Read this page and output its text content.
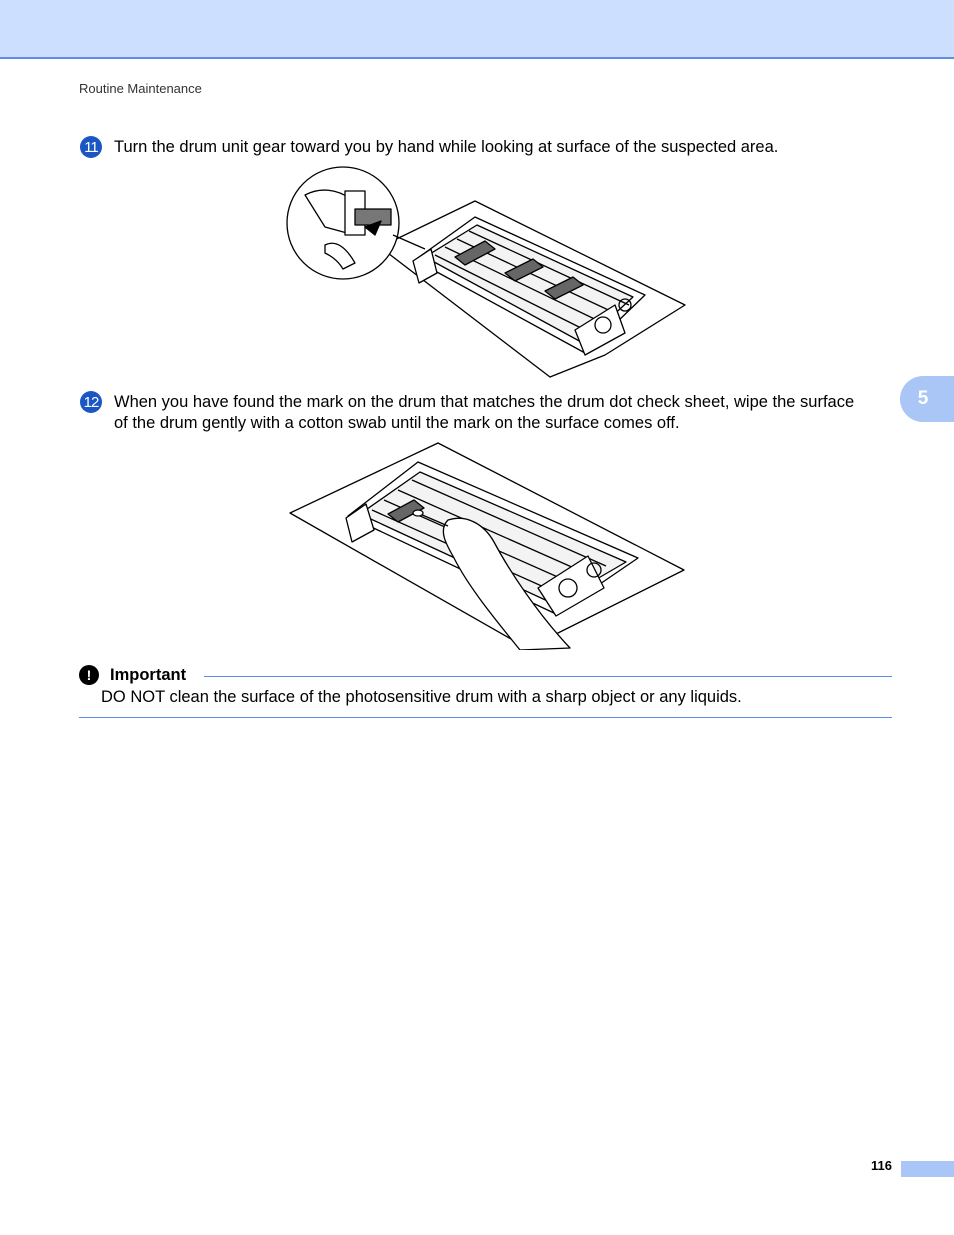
Routine Maintenance
5
11 Turn the drum unit gear toward you by hand while looking at surface of the suspected area.
12 When you have found the mark on the drum that matches the drum dot check sheet, wipe the surface
of the drum gently with a cotton swab until the mark on the surface comes off.
!	Important
DO NOT clean the surface of the photosensitive drum with a sharp object or any liquids.
116
